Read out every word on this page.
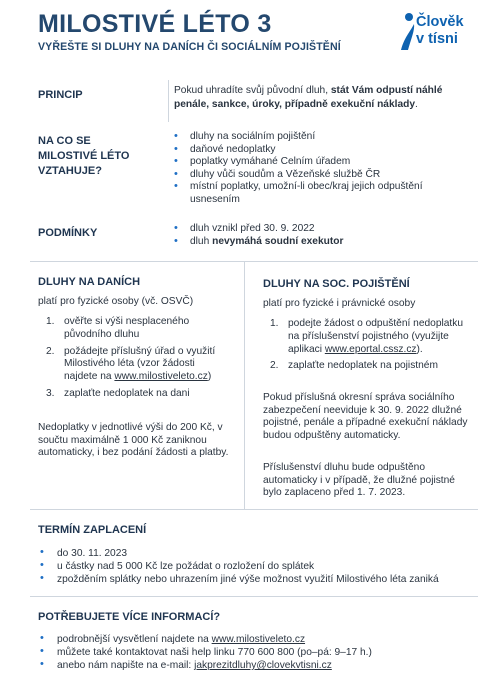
MILOSTIVÉ LÉTO 3
VYŘEŠTE SI DLUHY NA DANÍCH ČI SOCIÁLNÍM POJIŠTĚNÍ
Člověk
v tísni
PRINCIP	Pokud uhradíte svůj původní dluh, stát Vám odpustí náhlé penále, sankce, úroky, případně exekuční náklady.
NA CO SE
MILOSTIVÉ LÉTO
VZTAHUJE?
• dluhy na sociálním pojištění
• daňové nedoplatky
• poplatky vymáhané Celním úřadem
• dluhy vůči soudům a Vězeňské službě ČR
• místní poplatky, umožní-li obec/kraj jejich odpuštění usnesením
PODMÍNKY	• dluh vznikl před 30. 9. 2022
• dluh nevymáhá soudní exekutor
DLUHY NA DANÍCH
platí pro fyzické osoby (vč. OSVČ)
1. ověřte si výši nesplaceného původního dluhu
2. požádejte příslušný úřad o využití Milostivého léta (vzor žádosti najdete na www.milostiveleto.cz)
3. zaplaťte nedoplatek na dani
Nedoplatky v jednotlivé výši do 200 Kč, v součtu maximálně 1 000 Kč zaniknou automaticky, i bez podání žádosti a platby.
DLUHY NA SOC. POJIŠTĚNÍ
platí pro fyzické i právnické osoby
1. podejte žádost o odpuštění nedoplatku na příslušenství pojistného (využijte aplikaci www.eportal.cssz.cz).
2. zaplaťte nedoplatek na pojistném
Pokud příslušná okresní správa sociálního zabezpečení neeviduje k 30. 9. 2022 dlužné pojistné, penále a případné exekuční náklady budou odpuštěny automaticky.
Příslušenství dluhu bude odpuštěno automaticky i v případě, že dlužné pojistné bylo zaplaceno před 1. 7. 2023.
TERMÍN ZAPLACENÍ
• do 30. 11. 2023
• u částky nad 5 000 Kč lze požádat o rozložení do splátek
• zpožděním splátky nebo uhrazením jiné výše možnost využití Milostivého léta zaniká
POTŘEBUJETE VÍCE INFORMACÍ?
• podrobnější vysvětlení najdete na www.milostiveleto.cz
• můžete také kontaktovat naši help linku 770 600 800 (po–pá: 9–17 h.)
• anebo nám napište na e-mail: jakprezitdluhy@clovekvtisni.cz
